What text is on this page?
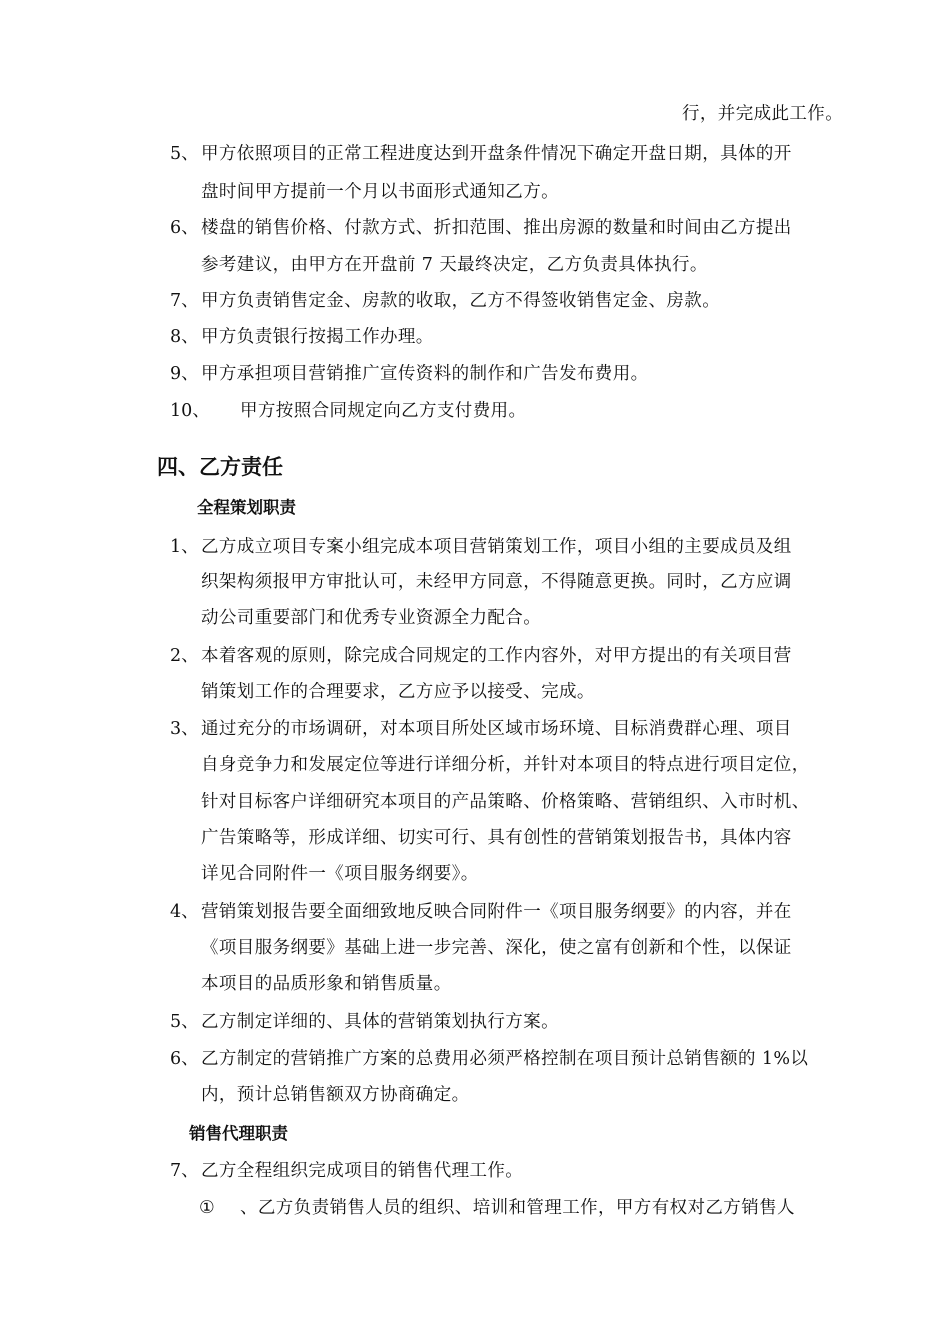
行，并完成此工作。
5、 甲方依照项目的正常工程进度达到开盘条件情况下确定开盘日期，具体的开
盘时间甲方提前一个月以书面形式通知乙方。
6、 楼盘的销售价格、付款方式、折扣范围、推出房源的数量和时间由乙方提出
参考建议，由甲方在开盘前 7 天最终决定，乙方负责具体执行。
7、 甲方负责销售定金、房款的收取，乙方不得签收销售定金、房款。
8、 甲方负责银行按揭工作办理。
9、 甲方承担项目营销推广宣传资料的制作和广告发布费用。
10、 甲方按照合同规定向乙方支付费用。
四、乙方责任
全程策划职责
1、 乙方成立项目专案小组完成本项目营销策划工作，项目小组的主要成员及组
织架构须报甲方审批认可，未经甲方同意，不得随意更换。同时，乙方应调
动公司重要部门和优秀专业资源全力配合。
2、 本着客观的原则，除完成合同规定的工作内容外，对甲方提出的有关项目营
销策划工作的合理要求，乙方应予以接受、完成。
3、 通过充分的市场调研，对本项目所处区域市场环境、目标消费群心理、项目
自身竞争力和发展定位等进行详细分析，并针对本项目的特点进行项目定位，
针对目标客户详细研究本项目的产品策略、价格策略、营销组织、入市时机、
广告策略等，形成详细、切实可行、具有创性的营销策划报告书，具体内容
详见合同附件一《项目服务纲要》。
4、 营销策划报告要全面细致地反映合同附件一《项目服务纲要》的内容，并在
《项目服务纲要》基础上进一步完善、深化，使之富有创新和个性，以保证
本项目的品质形象和销售质量。
5、 乙方制定详细的、具体的营销策划执行方案。
6、 乙方制定的营销推广方案的总费用必须严格控制在项目预计总销售额的 1%以
内，预计总销售额双方协商确定。
销售代理职责
7、 乙方全程组织完成项目的销售代理工作。
① 、乙方负责销售人员的组织、培训和管理工作，甲方有权对乙方销售人
